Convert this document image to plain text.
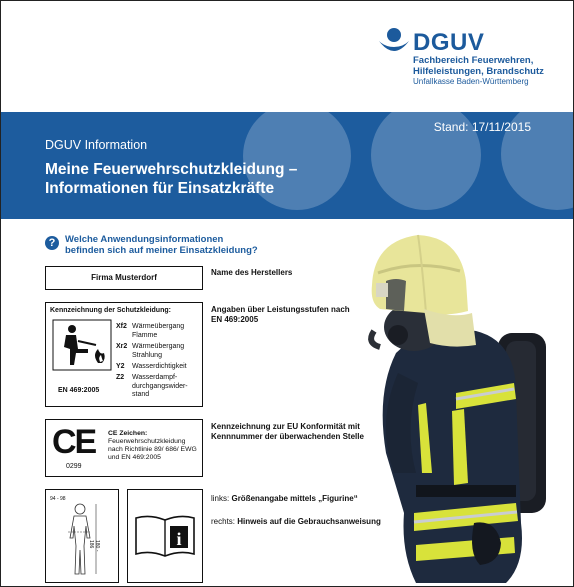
DGUV
Fachbereich Feuerwehren,
Hilfeleistungen, Brandschutz
Unfallkasse Baden-Württemberg
DGUV Information
Meine Feuerwehrschutzkleidung –
Informationen für Einsatzkräfte
Stand: 17/11/2015
?	Welche Anwendungsinformationen
befinden sich auf meiner Einsatzkleidung?
Firma Musterdorf
Name des Herstellers
Kennzeichnung der Schutzkleidung:
EN 469:2005
Xf2 Wärmeübergang Flamme
Xr2 Wärmeübergang Strahlung
Y2 Wasserdichtigkeit
Z2 Wasserdampf-durchgangswider-stand
Angaben über Leistungsstufen nach
EN 469:2005
CE
0299
CE Zeichen:
Feuerwehrschutzkleidung nach Richtlinie 89/ 686/ EWG und EN 469:2005
Kennzeichnung zur EU Konformität mit
Kennnummer der überwachenden Stelle
94 - 98
180 - 186	i
links: Größenangabe mittels „Figurine“
rechts: Hinweis auf die Gebrauchsanweisung
